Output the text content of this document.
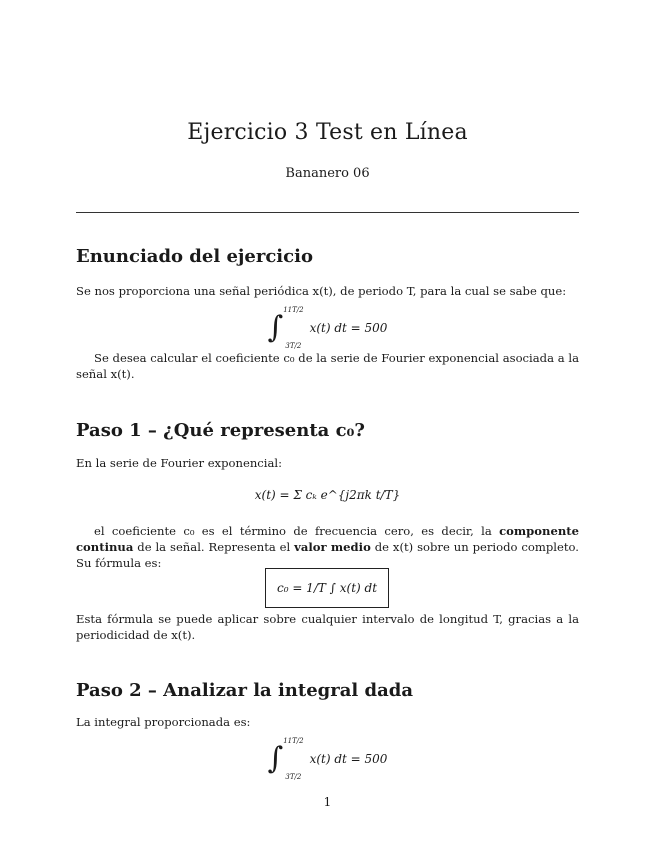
Ejercicio 3 Test en Línea
Bananero 06
Enunciado del ejercicio

Se nos proporciona una señal periódica x(t), de periodo T, para la cual se sabe que:

∫ 11T/2
3T/2
x(t) dt = 500

Se desea calcular el coeficiente c₀ de la serie de Fourier exponencial asociada a la señal x(t).

Paso 1 – ¿Qué representa c₀?

En la serie de Fourier exponencial:

x(t) = Σ cₖ e^{j2πk t/T}

el coeficiente c₀ es el término de frecuencia cero, es decir, la componente continua de la señal. Representa el valor medio de x(t) sobre un periodo completo. Su fórmula es:

c₀ = 1/T ∫ x(t) dt

Esta fórmula se puede aplicar sobre cualquier intervalo de longitud T, gracias a la periodicidad de x(t).

Paso 2 – Analizar la integral dada

La integral proporcionada es:

∫ 11T/2
3T/2
x(t) dt = 500
1
